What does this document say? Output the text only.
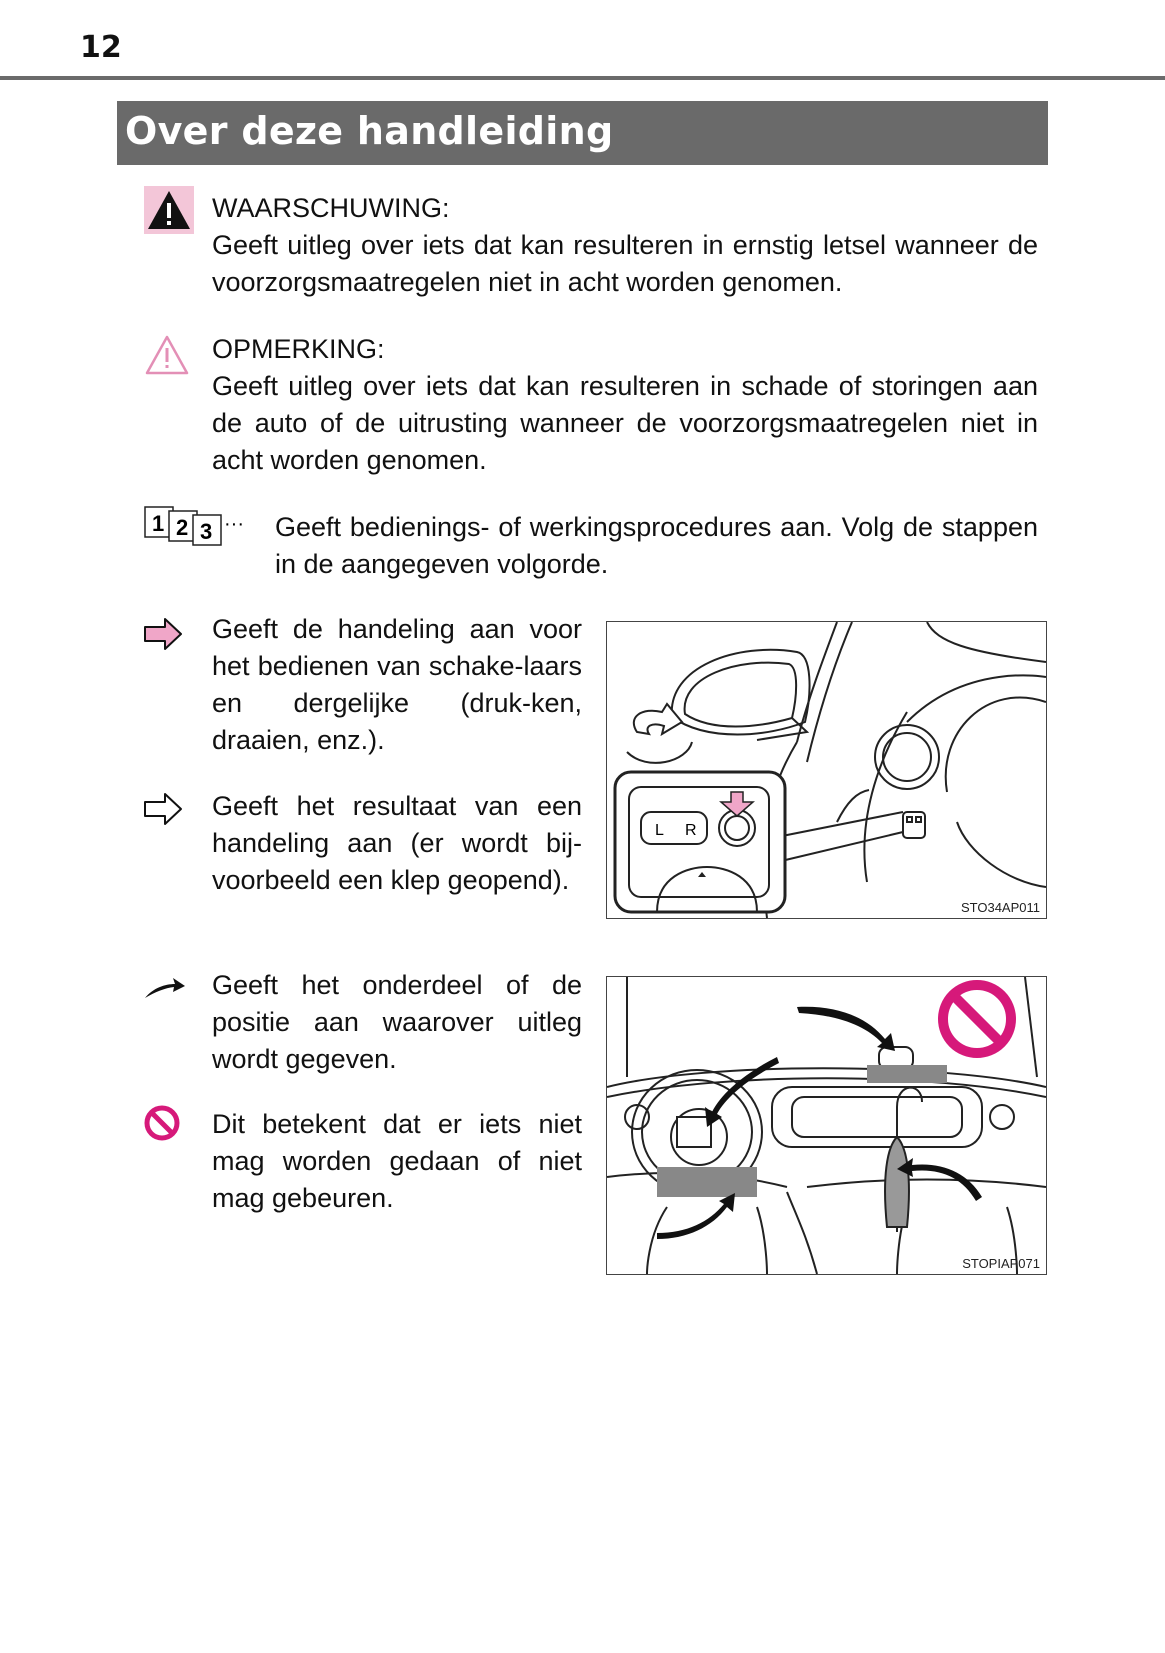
12
Over deze handleiding
WAARSCHUWING:
Geeft uitleg over iets dat kan resulteren in ernstig letsel wanneer de voorzorgsmaatregelen niet in acht worden genomen.
OPMERKING:
Geeft uitleg over iets dat kan resulteren in schade of storingen aan de auto of de uitrusting wanneer de voorzorgsmaatregelen niet in acht worden genomen.
1 2 3 ··· Geeft bedienings- of werkingsprocedures aan. Volg de stappen in de aangegeven volgorde.
Geeft de handeling aan voor het bedienen van schake-laars en dergelijke (druk-ken, draaien, enz.).
Geeft het resultaat van een handeling aan (er wordt bij-voorbeeld een klep geopend).
Geeft het onderdeel of de positie aan waarover uitleg wordt gegeven.
Dit betekent dat er iets niet mag worden gedaan of niet mag gebeuren.
L R
STO34AP011
STOPIAP071
